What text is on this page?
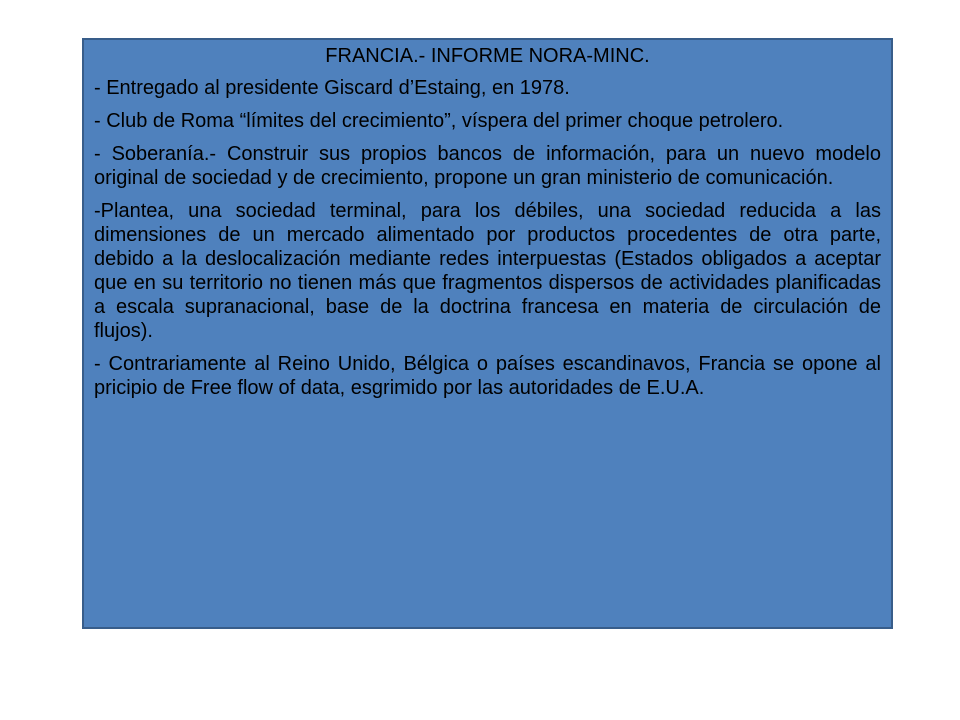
FRANCIA.- INFORME NORA-MINC.
- Entregado al presidente Giscard d’Estaing, en 1978.
- Club de Roma “límites del crecimiento”, víspera del primer choque petrolero.
- Soberanía.- Construir sus propios bancos de información, para un nuevo modelo original de sociedad y de crecimiento, propone un gran ministerio de comunicación.
-Plantea, una sociedad terminal, para los débiles, una sociedad reducida a las dimensiones de un mercado alimentado por productos procedentes de otra parte, debido a la deslocalización mediante redes interpuestas (Estados obligados a aceptar que en su territorio no tienen más que fragmentos dispersos de actividades planificadas a escala supranacional, base de la doctrina francesa en materia de circulación de flujos).
- Contrariamente al Reino Unido, Bélgica o países escandinavos, Francia se opone al pricipio de Free flow of data, esgrimido por las autoridades de E.U.A.
